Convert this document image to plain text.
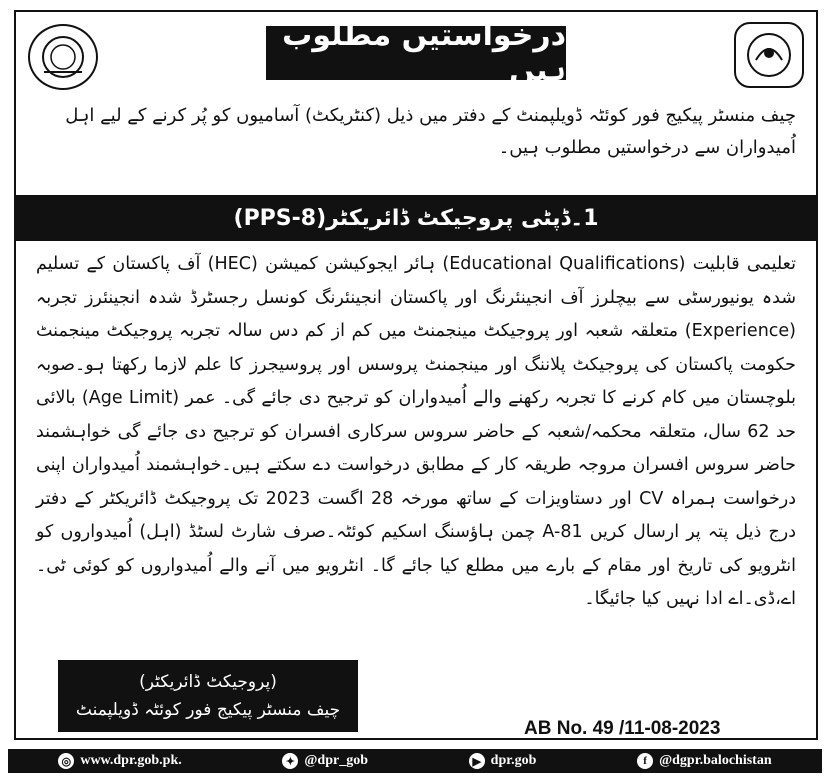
درخواستیں مطلوب ہیں
چیف منسٹر پیکیج فور کوئٹہ ڈویلپمنٹ کے دفتر میں ذیل (کنٹریکٹ) آسامیوں کو پُر کرنے کے لیے اہل اُمیدواران سے درخواستیں مطلوب ہیں۔
1۔ڈپٹی پروجیکٹ ڈائریکٹر(PPS-8)
تعلیمی قابلیت (Educational Qualifications) ہائر ایجوکیشن کمیشن (HEC) آف پاکستان کے تسلیم شدہ یونیورسٹی سے بیچلرز آف انجینئرنگ اور پاکستان انجینئرنگ کونسل رجسٹرڈ شدہ انجینئرز تجربہ (Experience) متعلقہ شعبہ اور پروجیکٹ مینجمنٹ میں کم از کم دس سالہ تجربہ پروجیکٹ مینجمنٹ حکومت پاکستان کی پروجیکٹ پلاننگ اور مینجمنٹ پروسس اور پروسیجرز کا علم لازما رکھتا ہو۔صوبہ بلوچستان میں کام کرنے کا تجربہ رکھنے والے اُمیدواران کو ترجیح دی جائے گی۔ عمر (Age Limit) بالائی حد 62 سال، متعلقہ محکمہ/شعبہ کے حاضر سروس سرکاری افسران کو ترجیح دی جائے گی خواہشمند حاضر سروس افسران مروجہ طریقہ کار کے مطابق درخواست دے سکتے ہیں۔خواہشمند اُمیدواران اپنی درخواست ہمراہ CV اور دستاویزات کے ساتھ مورخہ 28 اگست 2023 تک پروجیکٹ ڈائریکٹر کے دفتر درج ذیل پتہ پر ارسال کریں A-81 چمن ہاؤسنگ اسکیم کوئٹہ۔صرف شارٹ لسٹڈ (اہل) اُمیدواروں کو انٹرویو کی تاریخ اور مقام کے بارے میں مطلع کیا جائے گا۔ انٹرویو میں آنے والے اُمیدواروں کو کوئی ٹی۔اے،ڈی۔اے ادا نہیں کیا جائیگا۔
(پروجیکٹ ڈائریکٹر)
چیف منسٹر پیکیج فور کوئٹہ ڈویلپمنٹ
AB No. 49 /11-08-2023
◎ www.dpr.gob.pk.	✦ @dpr_gob	▶ dpr.gob	f @dgpr.balochistan
